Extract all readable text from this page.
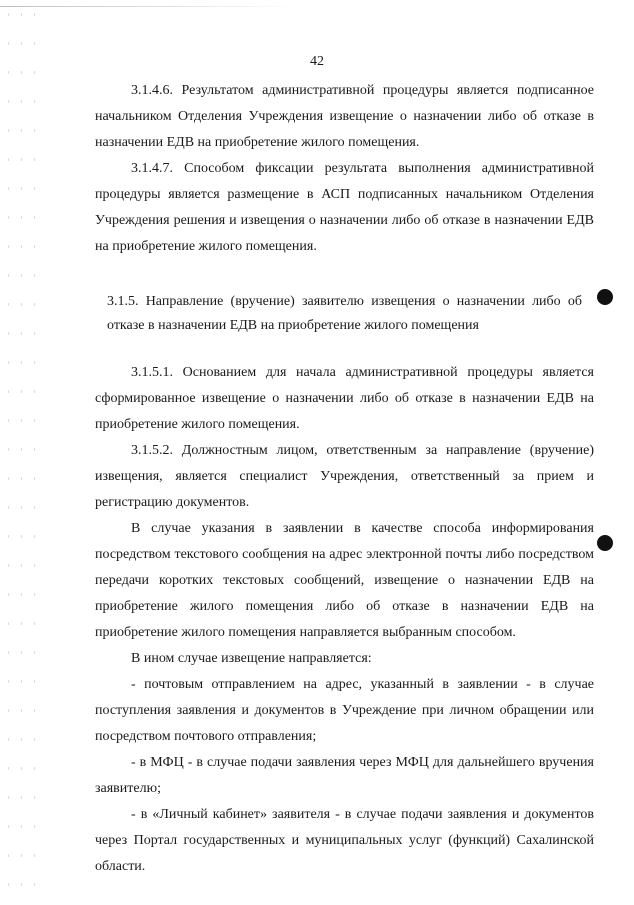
42

3.1.4.6. Результатом административной процедуры является подписанное начальником Отделения Учреждения извещение о назначении либо об отказе в назначении ЕДВ на приобретение жилого помещения.

3.1.4.7. Способом фиксации результата выполнения административной процедуры является размещение в АСП подписанных начальником Отделения Учреждения решения и извещения о назначении либо об отказе в назначении ЕДВ на приобретение жилого помещения.

3.1.5. Направление (вручение) заявителю извещения о назначении либо об отказе в назначении ЕДВ на приобретение жилого помещения

3.1.5.1. Основанием для начала административной процедуры является сформированное извещение о назначении либо об отказе в назначении ЕДВ на приобретение жилого помещения.

3.1.5.2. Должностным лицом, ответственным за направление (вручение) извещения, является специалист Учреждения, ответственный за прием и регистрацию документов.

В случае указания в заявлении в качестве способа информирования посредством текстового сообщения на адрес электронной почты либо посредством передачи коротких текстовых сообщений, извещение о назначении ЕДВ на приобретение жилого помещения либо об отказе в назначении ЕДВ на приобретение жилого помещения направляется выбранным способом.

В ином случае извещение направляется:

- почтовым отправлением на адрес, указанный в заявлении - в случае поступления заявления и документов в Учреждение при личном обращении или посредством почтового отправления;

- в МФЦ - в случае подачи заявления через МФЦ для дальнейшего вручения заявителю;

- в «Личный кабинет» заявителя - в случае подачи заявления и документов через Портал государственных и муниципальных услуг (функций) Сахалинской области.
